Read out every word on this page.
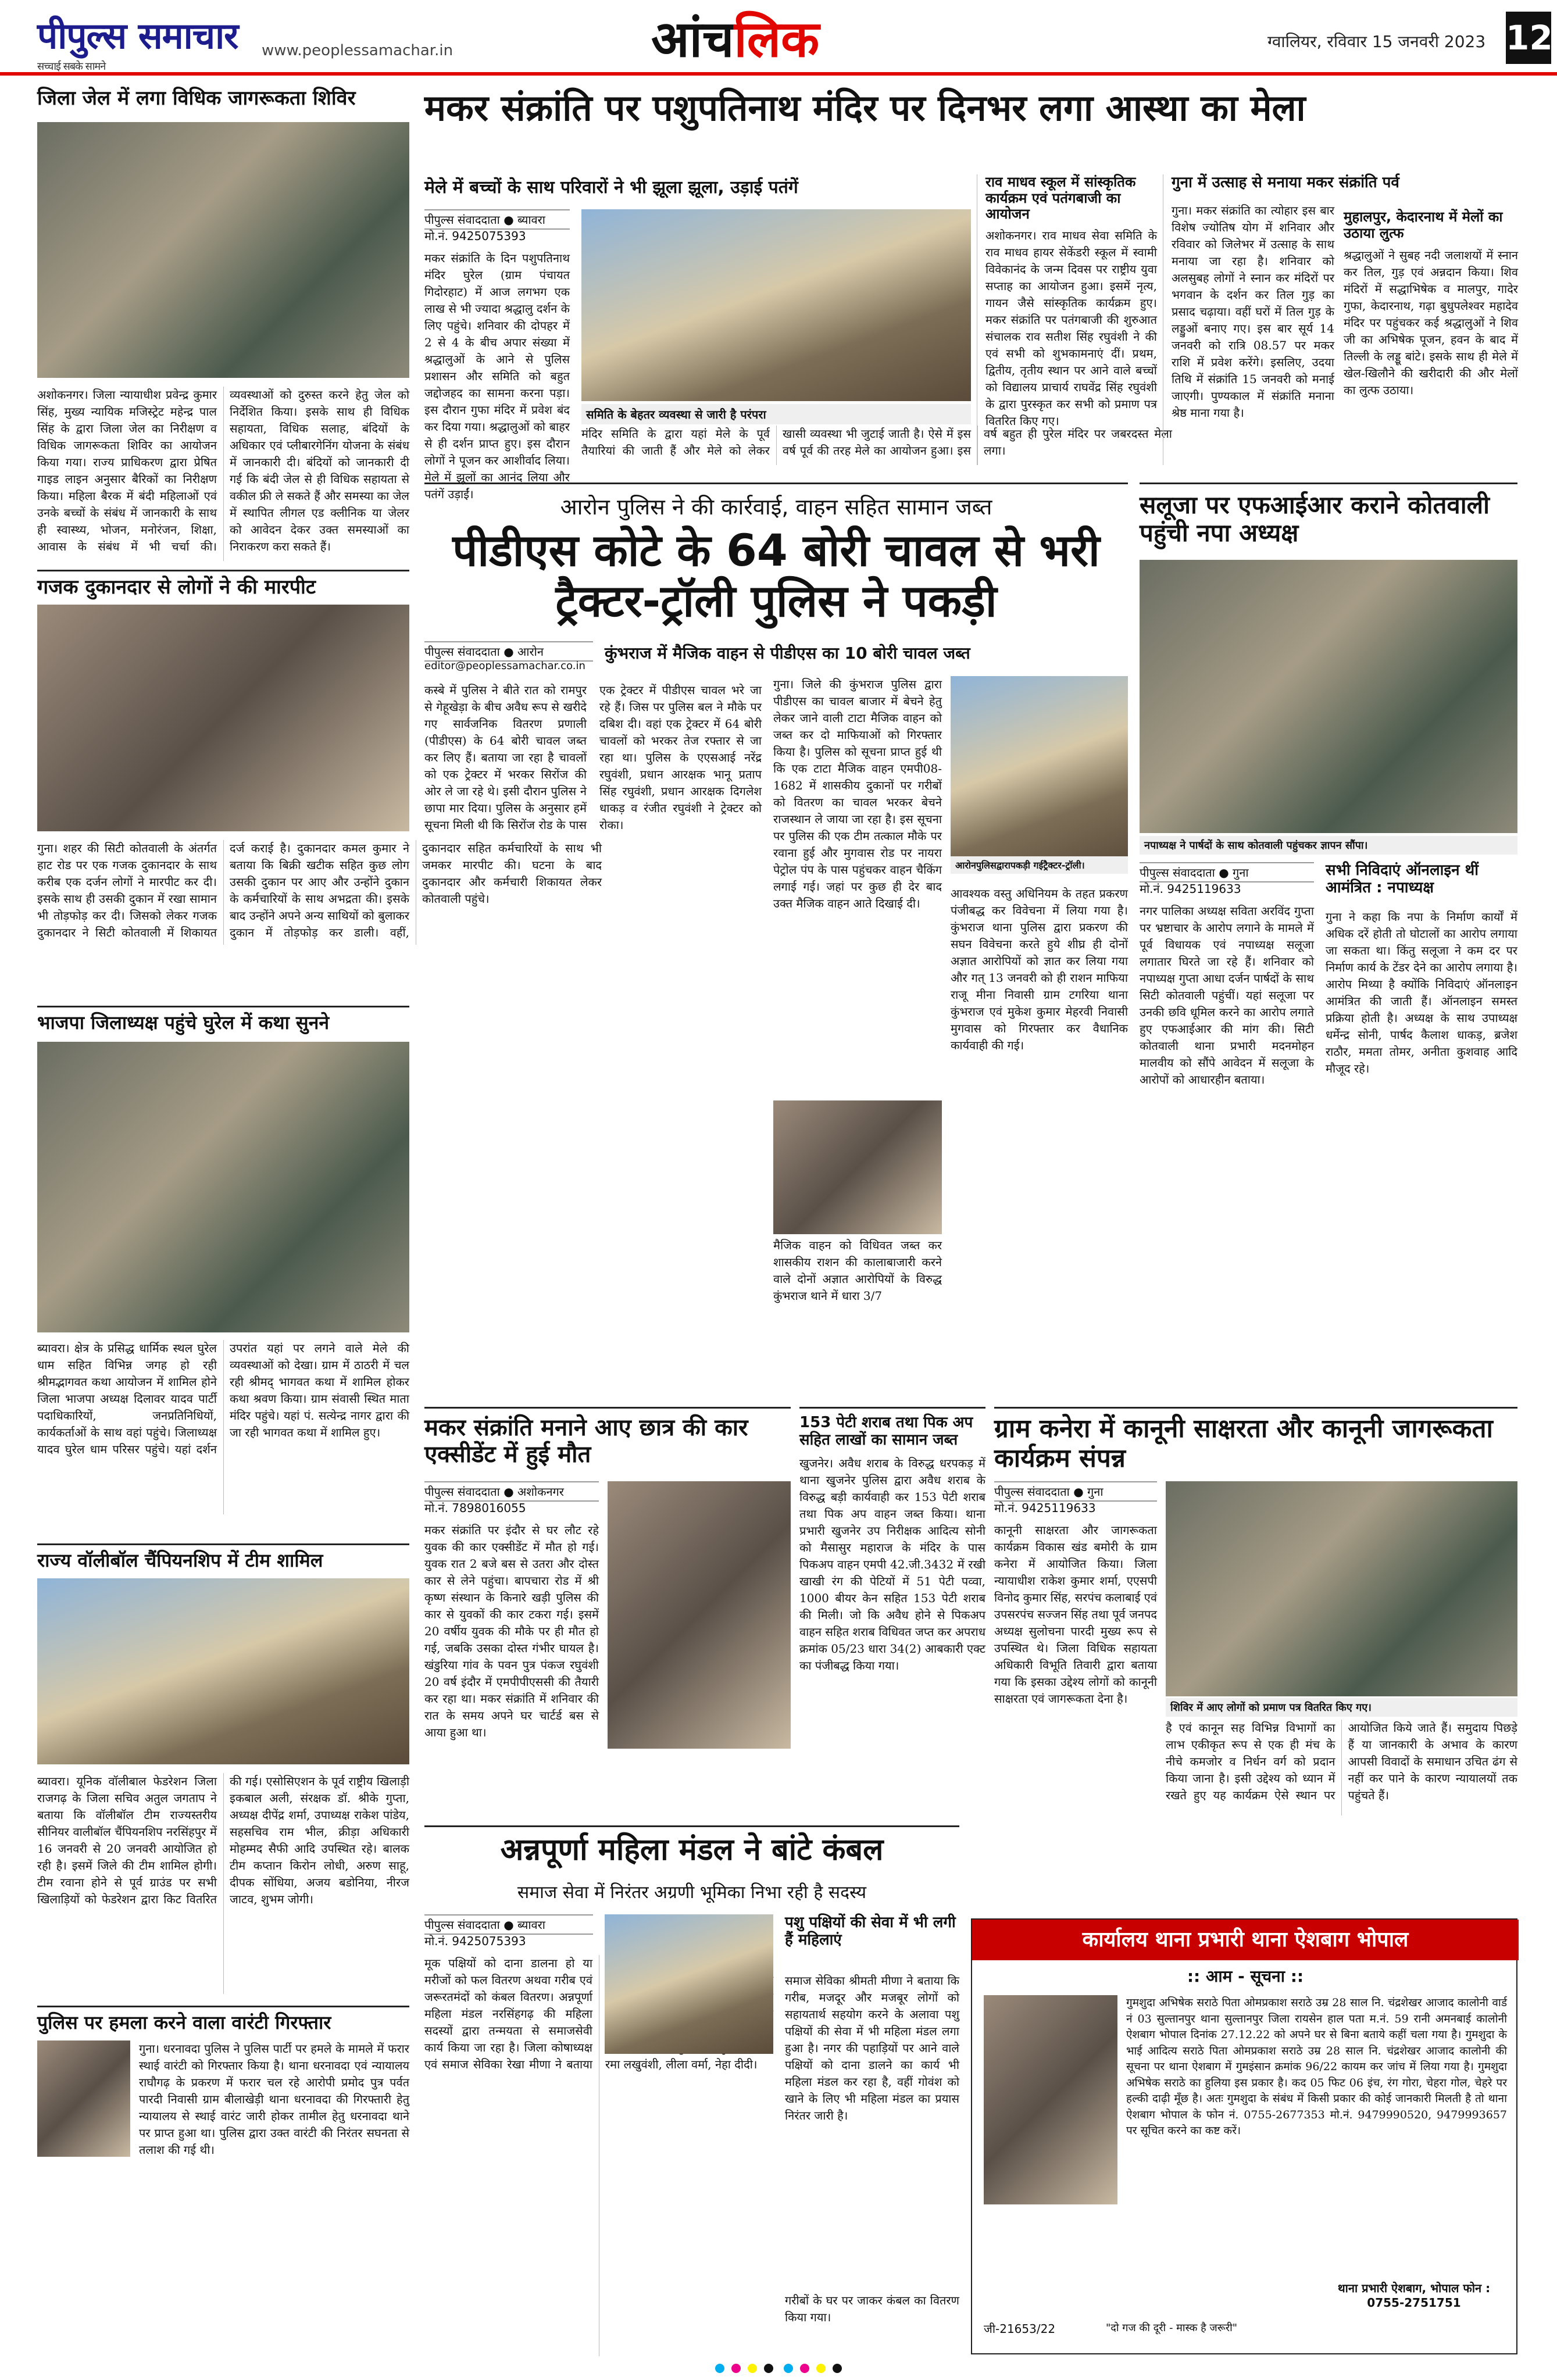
पीपुल्स समाचार
सच्चाई सबके सामने
www.peoplessamachar.in	आंचलिक	ग्वालियर, रविवार 15 जनवरी 2023 12
जिला जेल में लगा विधिक जागरूकता शिविर
अशोकनगर। जिला न्यायाधीश प्रवेन्द्र कुमार सिंह, मुख्य न्यायिक मजिस्ट्रेट महेन्द्र पाल सिंह के द्वारा जिला जेल का निरीक्षण व विधिक जागरूकता शिविर का आयोजन किया गया। राज्य प्राधिकरण द्वारा प्रेषित गाइड लाइन अनुसार बैरिकों का निरीक्षण किया। महिला बैरक में बंदी महिलाओं एवं उनके बच्चों के संबंध में जानकारी के साथ ही स्वास्थ्य, भोजन, मनोरंजन, शिक्षा, आवास के संबंध में भी चर्चा की। व्यवस्थाओं को दुरुस्त करने हेतु जेल को निर्देशित किया। इसके साथ ही विधिक सहायता, विधिक सलाह, बंदियों के अधिकार एवं प्लीबारगेनिंग योजना के संबंध में जानकारी दी। बंदियों को जानकारी दी गई कि बंदी जेल से ही विधिक सहायता से वकील फ्री ले सकते हैं और समस्या का जेल में स्थापित लीगल एड क्लीनिक या जेलर को आवेदन देकर उक्त समस्याओं का निराकरण करा सकते हैं।
गजक दुकानदार से लोगों ने की मारपीट
गुना। शहर की सिटी कोतवाली के अंतर्गत हाट रोड पर एक गजक दुकानदार के साथ करीब एक दर्जन लोगों ने मारपीट कर दी। इसके साथ ही उसकी दुकान में रखा सामान भी तोड़फोड़ कर दी। जिसको लेकर गजक दुकानदार ने सिटी कोतवाली में शिकायत दर्ज कराई है। दुकानदार कमल कुमार ने बताया कि बिक्री खटीक सहित कुछ लोग उसकी दुकान पर आए और उन्होंने दुकान के कर्मचारियों के साथ अभद्रता की। इसके बाद उन्होंने अपने अन्य साथियों को बुलाकर दुकान में तोड़फोड़ कर डाली। वहीं, दुकानदार सहित कर्मचारियों के साथ भी जमकर मारपीट की। घटना के बाद दुकानदार और कर्मचारी शिकायत लेकर कोतवाली पहुंचे।
भाजपा जिलाध्यक्ष पहुंचे घुरेल में कथा सुनने
ब्यावरा। क्षेत्र के प्रसिद्ध धार्मिक स्थल घुरेल धाम सहित विभिन्न जगह हो रही श्रीमद्भागवत कथा आयोजन में शामिल होने जिला भाजपा अध्यक्ष दिलावर यादव पार्टी पदाधिकारियों, जनप्रतिनिधियों, कार्यकर्ताओं के साथ वहां पहुंचे। जिलाध्यक्ष यादव घुरेल धाम परिसर पहुंचे। यहां दर्शन उपरांत यहां पर लगने वाले मेले की व्यवस्थाओं को देखा। ग्राम में ठाठरी में चल रही श्रीमद् भागवत कथा में शामिल होकर कथा श्रवण किया। ग्राम संवासी स्थित माता मंदिर पहुंचे। यहां पं. सत्येन्द्र नागर द्वारा की जा रही भागवत कथा में शामिल हुए।
राज्य वॉलीबॉल चैंपियनशिप में टीम शामिल
ब्यावरा। यूनिक वॉलीबाल फेडरेशन जिला राजगढ़ के जिला सचिव अतुल जगताप ने बताया कि वॉलीबॉल टीम राज्यस्तरीय सीनियर वालीबॉल चैंपियनशिप नरसिंहपुर में 16 जनवरी से 20 जनवरी आयोजित हो रही है। इसमें जिले की टीम शामिल होगी। टीम रवाना होने से पूर्व ग्राउंड पर सभी खिलाड़ियों को फेडरेशन द्वारा किट वितरित की गई। एसोसिएशन के पूर्व राष्ट्रीय खिलाड़ी इकबाल अली, संरक्षक डॉ. श्रीके गुप्ता, अध्यक्ष दीपेंद्र शर्मा, उपाध्यक्ष राकेश पांडेय, सहसचिव राम भील, क्रीड़ा अधिकारी मोहम्मद सैफी आदि उपस्थित रहे। बालक टीम कप्तान किरोन लोधी, अरुण साहू, दीपक सोंधिया, अजय बडोनिया, नीरज जाटव, शुभम जोगी।
पुलिस पर हमला करने वाला वारंटी गिरफ्तार
गुना। धरनावदा पुलिस ने पुलिस पार्टी पर हमले के मामले में फरार स्थाई वारंटी को गिरफ्तार किया है। थाना धरनावदा एवं न्यायालय राघौगढ़ के प्रकरण में फरार चल रहे आरोपी प्रमोद पुत्र पर्वत पारदी निवासी ग्राम बीलाखेड़ी थाना धरनावदा की गिरफ्तारी हेतु न्यायालय से स्थाई वारंट जारी होकर तामील हेतु धरनावदा थाने पर प्राप्त हुआ था। पुलिस द्वारा उक्त वारंटी की निरंतर सघनता से तलाश की गई थी।
मकर संक्रांति पर पशुपतिनाथ मंदिर पर दिनभर लगा आस्था का मेला
मेले में बच्चों के साथ परिवारों ने भी झूला झूला, उड़ाई पतंगें
पीपुल्स संवाददाता ● ब्यावरा
मो.नं. 9425075393
मकर संक्रांति के दिन पशुपतिनाथ मंदिर घुरेल (ग्राम पंचायत गिदोरहाट) में आज लगभग एक लाख से भी ज्यादा श्रद्धालु दर्शन के लिए पहुंचे। शनिवार की दोपहर में 2 से 4 के बीच अपार संख्या में श्रद्धालुओं के आने से पुलिस प्रशासन और समिति को बहुत जद्दोजहद का सामना करना पड़ा। इस दौरान गुफा मंदिर में प्रवेश बंद कर दिया गया। श्रद्धालुओं को बाहर से ही दर्शन प्राप्त हुए। इस दौरान लोगों ने पूजन कर आशीर्वाद लिया। मेले में झूलों का आनंद लिया और पतंगें उड़ाईं।
समिति के बेहतर व्यवस्था से जारी है परंपरा
मंदिर समिति के द्वारा यहां मेले के पूर्व तैयारियां की जाती हैं और मेले को लेकर खासी व्यवस्था भी जुटाई जाती है। ऐसे में इस वर्ष पूर्व की तरह मेले का आयोजन हुआ। इस वर्ष बहुत ही पुरेल मंदिर पर जबरदस्त मेला लगा।
राव माधव स्कूल में सांस्कृतिक कार्यक्रम एवं पतंगबाजी का आयोजन
अशोकनगर। राव माधव सेवा समिति के राव माधव हायर सेकेंडरी स्कूल में स्वामी विवेकानंद के जन्म दिवस पर राष्ट्रीय युवा सप्ताह का आयोजन हुआ। इसमें नृत्य, गायन जैसे सांस्कृतिक कार्यक्रम हुए। मकर संक्रांति पर पतंगबाजी की शुरुआत संचालक राव सतीश सिंह रघुवंशी ने की एवं सभी को शुभकामनाएं दीं। प्रथम, द्वितीय, तृतीय स्थान पर आने वाले बच्चों को विद्यालय प्राचार्य राघवेंद्र सिंह रघुवंशी के द्वारा पुरस्कृत कर सभी को प्रमाण पत्र वितरित किए गए।
गुना में उत्साह से मनाया मकर संक्रांति पर्व
गुना। मकर संक्रांति का त्योहार इस बार विशेष ज्योतिष योग में शनिवार और रविवार को जिलेभर में उत्साह के साथ मनाया जा रहा है। शनिवार को अलसुबह लोगों ने स्नान कर मंदिरों पर भगवान के दर्शन कर तिल गुड़ का प्रसाद चढ़ाया। वहीं घरों में तिल गुड़ के लड्डुओं बनाए गए। इस बार सूर्य 14 जनवरी को रात्रि 08.57 पर मकर राशि में प्रवेश करेंगे। इसलिए, उदया तिथि में संक्रांति 15 जनवरी को मनाई जाएगी। पुण्यकाल में संक्रांति मनाना श्रेष्ठ माना गया है।
मुहालपुर, केदारनाथ में मेलों का उठाया लुत्फ
श्रद्धालुओं ने सुबह नदी जलाशयों में स्नान कर तिल, गुड़ एवं अन्नदान किया। शिव मंदिरों में सद्धाभिषेक व मालपुर, गादेर गुफा, केदारनाथ, गढ़ा बुधुपलेश्वर महादेव मंदिर पर पहुंचकर कई श्रद्धालुओं ने शिव जी का अभिषेक पूजन, हवन के बाद में तिल्ली के लड्डू बांटे। इसके साथ ही मेले में खेल-खिलौने की खरीदारी की और मेलों का लुत्फ उठाया।
आरोन पुलिस ने की कार्रवाई, वाहन सहित सामान जब्त
पीडीएस कोटे के 64 बोरी चावल से भरी ट्रैक्टर-ट्रॉली पुलिस ने पकड़ी
पीपुल्स संवाददाता ● आरोन
editor@peoplessamachar.co.in
कस्बे में पुलिस ने बीते रात को रामपुर से गेहूखेड़ा के बीच अवैध रूप से खरीदे गए सार्वजनिक वितरण प्रणाली (पीडीएस) के 64 बोरी चावल जब्त कर लिए हैं। बताया जा रहा है चावलों को एक ट्रेक्टर में भरकर सिरोंज की ओर ले जा रहे थे। इसी दौरान पुलिस ने छापा मार दिया। पुलिस के अनुसार हमें सूचना मिली थी कि सिरोंज रोड के पास एक ट्रेक्टर में पीडीएस चावल भरे जा रहे हैं। जिस पर पुलिस बल ने मौके पर दबिश दी। वहां एक ट्रेक्टर में 64 बोरी चावलों को भरकर तेज रफ्तार से जा रहा था। पुलिस के एएसआई नरेंद्र रघुवंशी, प्रधान आरक्षक भानू प्रताप सिंह रघुवंशी, प्रधान आरक्षक दिगलेश धाकड़ व रंजीत रघुवंशी ने ट्रेक्टर को रोका।
कुंभराज में मैजिक वाहन से पीडीएस का 10 बोरी चावल जब्त
गुना। जिले की कुंभराज पुलिस द्वारा पीडीएस का चावल बाजार में बेचने हेतु लेकर जाने वाली टाटा मैजिक वाहन को जब्त कर दो माफियाओं को गिरफ्तार किया है। पुलिस को सूचना प्राप्त हुई थी कि एक टाटा मैजिक वाहन एमपी08-1682 में शासकीय दुकानों पर गरीबों को वितरण का चावल भरकर बेचने राजस्थान ले जाया जा रहा है। इस सूचना पर पुलिस की एक टीम तत्काल मौके पर रवाना हुई और मुगवास रोड पर नायरा पेट्रोल पंप के पास पहुंचकर वाहन चैकिंग लगाई गई। जहां पर कुछ ही देर बाद उक्त मैजिक वाहन आते दिखाई दी।
आरोनपुलिसद्वारापकड़ी गईट्रैक्टर-ट्रॉली।
आवश्यक वस्तु अधिनियम के तहत प्रकरण पंजीबद्ध कर विवेचना में लिया गया है। कुंभराज थाना पुलिस द्वारा प्रकरण की सघन विवेचना करते हुये शीघ्र ही दोनों अज्ञात आरोपियों को ज्ञात कर लिया गया और गत् 13 जनवरी को ही राशन माफिया राजू मीना निवासी ग्राम टगरिया थाना कुंभराज एवं मुकेश कुमार मेहरवी निवासी मुगवास को गिरफ्तार कर वैधानिक कार्यवाही की गई।
मैजिक वाहन को विधिवत जब्त कर शासकीय राशन की कालाबाजारी करने वाले दोनों अज्ञात आरोपियों के विरुद्ध कुंभराज थाने में धारा 3/7
सलूजा पर एफआईआर कराने कोतवाली पहुंची नपा अध्यक्ष
नपाध्यक्ष ने पार्षदों के साथ कोतवाली पहुंचकर ज्ञापन सौंपा।
पीपुल्स संवाददाता ● गुना
मो.नं. 9425119633
नगर पालिका अध्यक्ष सविता अरविंद गुप्ता पर भ्रष्टाचार के आरोप लगाने के मामले में पूर्व विधायक एवं नपाध्यक्ष सलूजा लगातार घिरते जा रहे हैं। शनिवार को नपाध्यक्ष गुप्ता आधा दर्जन पार्षदों के साथ सिटी कोतवाली पहुंचीं। यहां सलूजा पर उनकी छवि धूमिल करने का आरोप लगाते हुए एफआईआर की मांग की। सिटी कोतवाली थाना प्रभारी मदनमोहन मालवीय को सौंपे आवेदन में सलूजा के आरोपों को आधारहीन बताया।
सभी निविदाएं ऑनलाइन थीं आमंत्रित : नपाध्यक्ष
गुना ने कहा कि नपा के निर्माण कार्यों में अधिक दरें होती तो घोटालों का आरोप लगाया जा सकता था। किंतु सलूजा ने कम दर पर निर्माण कार्य के टेंडर देने का आरोप लगाया है। आरोप मिथ्या है क्योंकि निविदाएं ऑनलाइन आमंत्रित की जाती हैं। ऑनलाइन समस्त प्रक्रिया होती है। अध्यक्ष के साथ उपाध्यक्ष धर्मेन्द्र सोनी, पार्षद कैलाश धाकड़, ब्रजेश राठौर, ममता तोमर, अनीता कुशवाह आदि मौजूद रहे।
मकर संक्रांति मनाने आए छात्र की कार एक्सीडेंट में हुई मौत
पीपुल्स संवाददाता ● अशोकनगर
मो.नं. 7898016055
मकर संक्रांति पर इंदौर से घर लौट रहे युवक की कार एक्सीडेंट में मौत हो गई। युवक रात 2 बजे बस से उतरा और दोस्त कार से लेने पहुंचा। बापचारा रोड में श्री कृष्ण संस्थान के किनारे खड़ी पुलिस की कार से युवकों की कार टकरा गई। इसमें 20 वर्षीय युवक की मौके पर ही मौत हो गई, जबकि उसका दोस्त गंभीर घायल है। खंडुरिया गांव के पवन पुत्र पंकज रघुवंशी 20 वर्ष इंदौर में एमपीपीएससी की तैयारी कर रहा था। मकर संक्रांति में शनिवार की रात के समय अपने घर चार्टर्ड बस से आया हुआ था।
153 पेटी शराब तथा पिक अप सहित लाखों का सामान जब्त
खुजनेर। अवैध शराब के विरुद्ध धरपकड़ में थाना खुजनेर पुलिस द्वारा अवैध शराब के विरुद्ध बड़ी कार्यवाही कर 153 पेटी शराब तथा पिक अप वाहन जब्त किया। थाना प्रभारी खुजनेर उप निरीक्षक आदित्य सोनी को मैसासुर महाराज के मंदिर के पास पिकअप वाहन एमपी 42.जी.3432 में रखी खाखी रंग की पेटियों में 51 पेटी पव्वा, 1000 बीयर केन सहित 153 पेटी शराब की मिली। जो कि अवैध होने से पिकअप वाहन सहित शराब विधिवत जप्त कर अपराध क्रमांक 05/23 धारा 34(2) आबकारी एक्ट का पंजीबद्ध किया गया।
ग्राम कनेरा में कानूनी साक्षरता और कानूनी जागरूकता कार्यक्रम संपन्न
पीपुल्स संवाददाता ● गुना
मो.नं. 9425119633
कानूनी साक्षरता और जागरूकता कार्यक्रम विकास खंड बमोरी के ग्राम कनेरा में आयोजित किया। जिला न्यायाधीश राकेश कुमार शर्मा, एएसपी विनोद कुमार सिंह, सरपंच कलाबाई एवं उपसरपंच सज्जन सिंह तथा पूर्व जनपद अध्यक्ष सुलोचना पारदी मुख्य रूप से उपस्थित थे। जिला विधिक सहायता अधिकारी विभूति तिवारी द्वारा बताया गया कि इसका उद्देश्य लोगों को कानूनी साक्षरता एवं जागरूकता देना है।
शिविर में आए लोगों को प्रमाण पत्र वितरित किए गए।
है एवं कानून सह विभिन्न विभागों का लाभ एकीकृत रूप से एक ही मंच के नीचे कमजोर व निर्धन वर्ग को प्रदान किया जाना है। इसी उद्देश्य को ध्यान में रखते हुए यह कार्यक्रम ऐसे स्थान पर आयोजित किये जाते हैं। समुदाय पिछड़े हैं या जानकारी के अभाव के कारण आपसी विवादों के समाधान उचित ढंग से नहीं कर पाने के कारण न्यायालयों तक पहुंचते हैं।
अन्नपूर्णा महिला मंडल ने बांटे कंबल
समाज सेवा में निरंतर अग्रणी भूमिका निभा रही है सदस्य
पीपुल्स संवाददाता ● ब्यावरा
मो.नं. 9425075393
मूक पक्षियों को दाना डालना हो या मरीजों को फल वितरण अथवा गरीब एवं जरूरतमंदों को कंबल वितरण। अन्नपूर्णा महिला मंडल नरसिंहगढ़ की महिला सदस्यों द्वारा तन्मयता से समाजसेवी कार्य किया जा रहा है। जिला कोषाध्यक्ष एवं समाज सेविका रेखा मीणा ने बताया रमा लखुवंशी, लीला वर्मा, नेहा दीदी।
पशु पक्षियों की सेवा में भी लगी हैं महिलाएं
समाज सेविका श्रीमती मीणा ने बताया कि गरीब, मजदूर और मजबूर लोगों को सहायतार्थ सहयोग करने के अलावा पशु पक्षियों की सेवा में भी महिला मंडल लगा हुआ है। नगर की पहाड़ियों पर आने वाले पक्षियों को दाना डालने का कार्य भी महिला मंडल कर रहा है, वहीं गोवंश को खाने के लिए भी महिला मंडल का प्रयास निरंतर जारी है।
गरीबों के घर पर जाकर कंबल का वितरण किया गया।
कार्यालय थाना प्रभारी थाना ऐशबाग भोपाल
:: आम - सूचना ::
गुमशुदा अभिषेक सराठे पिता ओमप्रकाश सराठे उम्र 28 साल नि. चंद्रशेखर आजाद कालोनी वार्ड नं 03 सुल्तानपुर थाना सुल्तानपुर जिला रायसेन हाल पता म.नं. 59 रानी अमनबाई कालोनी ऐशबाग भोपाल दिनांक 27.12.22 को अपने घर से बिना बताये कहीं चला गया है। गुमशुदा के भाई आदित्य सराठे पिता ओमप्रकाश सराठे उम्र 28 साल नि. चंद्रशेखर आजाद कालोनी की सूचना पर थाना ऐशबाग में गुमइंसान क्रमांक 96/22 कायम कर जांच में लिया गया है। गुमशुदा अभिषेक सराठे का हुलिया इस प्रकार है। कद 05 फिट 06 इंच, रंग गोरा, चेहरा गोल, चेहरे पर हल्की दाढ़ी मूँछ है। अतः गुमशुदा के संबंध में किसी प्रकार की कोई जानकारी मिलती है तो थाना ऐशबाग भोपाल के फोन नं. 0755-2677353 मो.नं. 9479990520, 9479993657 पर सूचित करने का कष्ट करें।
जी-21653/22	"दो गज की दूरी - मास्क है जरूरी"
थाना प्रभारी ऐशबाग, भोपाल फोन : 0755-2751751
